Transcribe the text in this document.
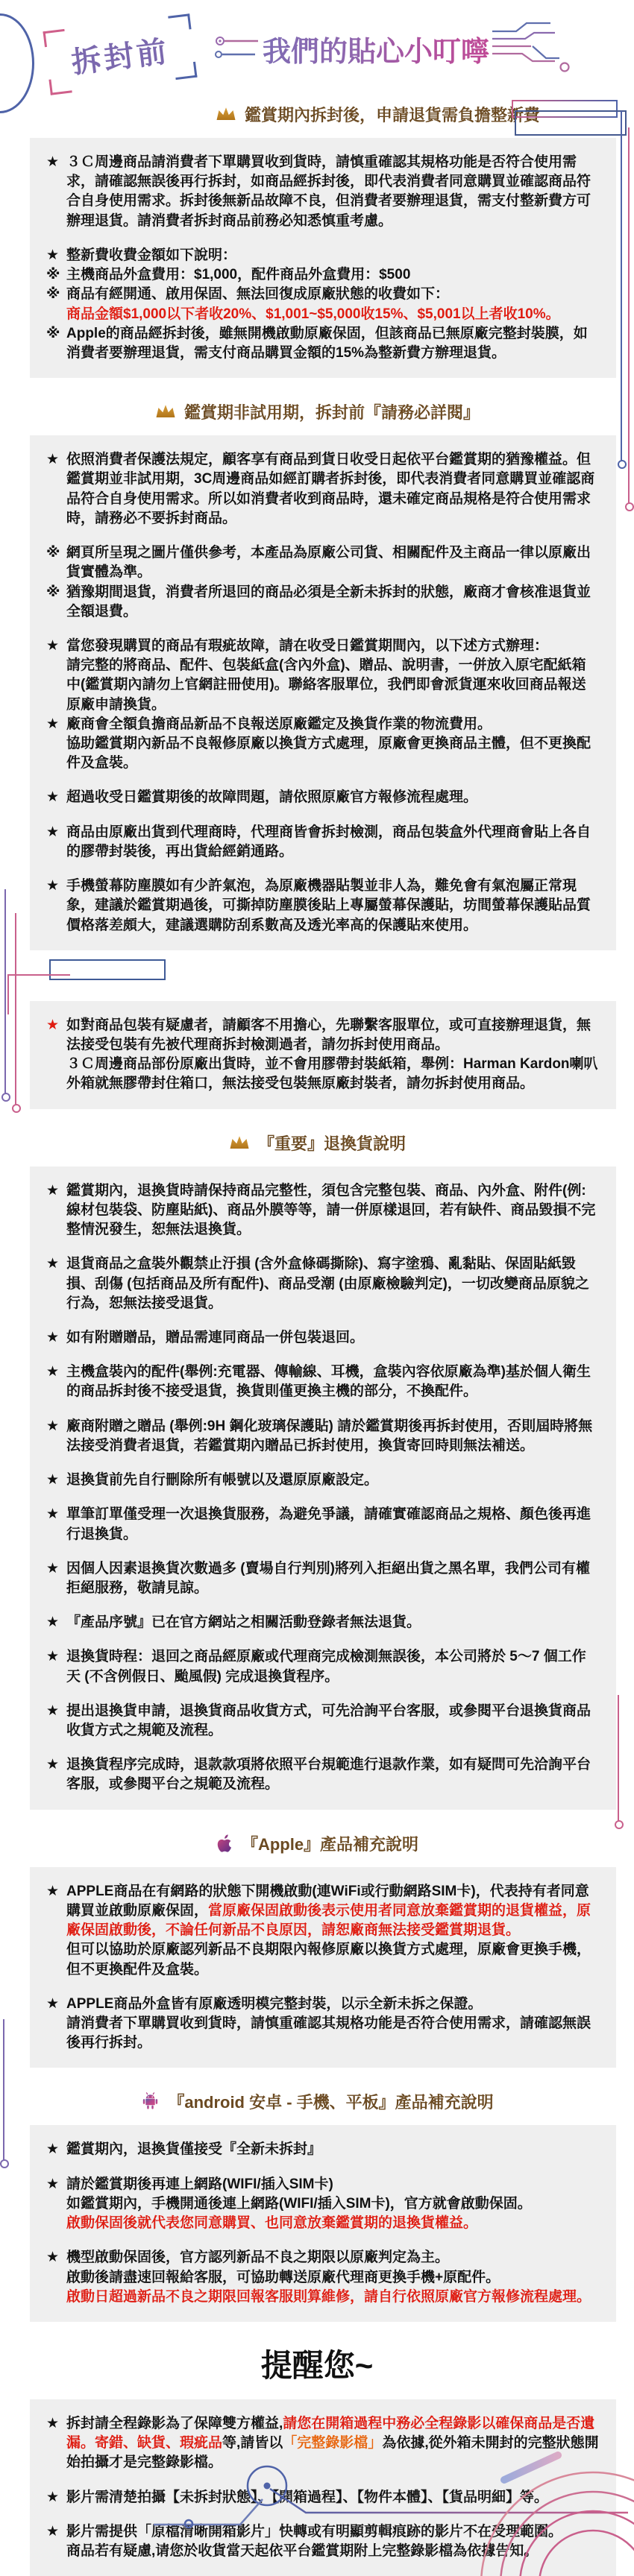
拆封前	我們的貼心小叮嚀
鑑賞期內拆封後，申請退貨需負擔整新費
★ ３Ｃ周邊商品請消費者下單購買收到貨時，請慎重確認其規格功能是否符合使用需求，請確認無誤後再行拆封，如商品經拆封後，即代表消費者同意購買並確認商品符合自身使用需求。拆封後無新品故障不良，但消費者要辦理退貨，需支付整新費方可辦理退貨。請消費者拆封商品前務必知悉慎重考慮。
★ 整新費收費金額如下說明：
※ 主機商品外盒費用：$1,000，配件商品外盒費用：$500
※ 商品有經開通、啟用保固、無法回復成原廠狀態的收費如下：
商品金額$1,000以下者收20%、$1,001~$5,000收15%、$5,001以上者收10%。
※ Apple的商品經拆封後，雖無開機啟動原廠保固，但該商品已無原廠完整封裝膜，如消費者要辦理退貨，需支付商品購買金額的15%為整新費方辦理退貨。
鑑賞期非試用期，拆封前『請務必詳閱』
★ 依照消費者保護法規定，顧客享有商品到貨日收受日起依平台鑑賞期的猶豫權益。但鑑賞期並非試用期，3C周邊商品如經訂購者拆封後，即代表消費者同意購買並確認商品符合自身使用需求。所以如消費者收到商品時，還未確定商品規格是符合使用需求時，請務必不要拆封商品。
※ 網頁所呈現之圖片僅供參考，本產品為原廠公司貨、相關配件及主商品一律以原廠出貨實體為準。
※ 猶豫期間退貨，消費者所退回的商品必須是全新未拆封的狀態，廠商才會核准退貨並全額退費。
★ 當您發現購買的商品有瑕疵故障，請在收受日鑑賞期間內，以下述方式辦理：
請完整的將商品、配件、包裝紙盒(含內外盒)、贈品、說明書，一併放入原宅配紙箱中(鑑賞期內請勿上官網註冊使用)。聯絡客服單位，我們即會派貨運來收回商品報送原廠申請換貨。
★ 廠商會全額負擔商品新品不良報送原廠鑑定及換貨作業的物流費用。
協助鑑賞期內新品不良報修原廠以換貨方式處理，原廠會更換商品主體，但不更換配件及盒裝。
★ 超過收受日鑑賞期後的故障問題，請依照原廠官方報修流程處理。
★ 商品由原廠出貨到代理商時，代理商皆會拆封檢測，商品包裝盒外代理商會貼上各自的膠帶封裝後，再出貨給經銷通路。
★ 手機螢幕防塵膜如有少許氣泡，為原廠機器貼製並非人為，難免會有氣泡屬正常現象，建議於鑑賞期過後，可撕掉防塵膜後貼上專屬螢幕保護貼，坊間螢幕保護貼品質價格落差頗大，建議選購防刮系數高及透光率高的保護貼來使用。
★ 如對商品包裝有疑慮者，請顧客不用擔心，先聯繫客服單位，或可直接辦理退貨，無法接受包裝有先被代理商拆封檢測過者，請勿拆封使用商品。
３Ｃ周邊商品部份原廠出貨時，並不會用膠帶封裝紙箱，舉例：Harman Kardon喇叭外箱就無膠帶封住箱口，無法接受包裝無原廠封裝者，請勿拆封使用商品。
『重要』退換貨說明
★ 鑑賞期內，退換貨時請保持商品完整性，須包含完整包裝、商品、內外盒、附件(例:線材包裝袋、防塵貼紙)、商品外膜等等，請一併原樣退回，若有缺件、商品毀損不完整情況發生，恕無法退換貨。
★ 退貨商品之盒裝外觀禁止汙損 (含外盒條碼撕除)、寫字塗鴉、亂黏貼、保固貼紙毀損、刮傷 (包括商品及所有配件)、商品受潮 (由原廠檢驗判定)，一切改變商品原貌之行為，恕無法接受退貨。
★ 如有附贈贈品，贈品需連同商品一併包裝退回。
★ 主機盒裝內的配件(舉例:充電器、傳輸線、耳機，盒裝內容依原廠為準)基於個人衛生的商品拆封後不接受退貨，換貨則僅更換主機的部分，不換配件。
★ 廠商附贈之贈品 (舉例:9H 鋼化玻璃保護貼) 請於鑑賞期後再拆封使用，否則屆時將無法接受消費者退貨，若鑑賞期內贈品已拆封使用，換貨寄回時則無法補送。
★ 退換貨前先自行刪除所有帳號以及還原原廠設定。
★ 單筆訂單僅受理一次退換貨服務，為避免爭議，請確實確認商品之規格、顏色後再進行退換貨。
★ 因個人因素退換貨次數過多 (賣場自行判別)將列入拒絕出貨之黑名單，我們公司有權拒絕服務，敬請見諒。
★ 『產品序號』已在官方網站之相關活動登錄者無法退貨。
★ 退換貨時程：退回之商品經原廠或代理商完成檢測無誤後，本公司將於 5～7 個工作天 (不含例假日、颱風假) 完成退換貨程序。
★ 提出退換貨申請，退換貨商品收貨方式，可先洽詢平台客服，或參閱平台退換貨商品收貨方式之規範及流程。
★ 退換貨程序完成時，退款款項將依照平台規範進行退款作業，如有疑問可先洽詢平台客服，或參閱平台之規範及流程。
『Apple』產品補充說明
★ APPLE商品在有網路的狀態下開機啟動(連WiFi或行動網路SIM卡)，代表持有者同意購買並啟動原廠保固，當原廠保固啟動後表示使用者同意放棄鑑賞期的退貨權益，原廠保固啟動後，不論任何新品不良原因，請恕廠商無法接受鑑賞期退貨。
但可以協助於原廠認列新品不良期限內報修原廠以換貨方式處理，原廠會更換手機，但不更換配件及盒裝。
★ APPLE商品外盒皆有原廠透明模完整封裝，以示全新未拆之保證。
請消費者下單購買收到貨時，請慎重確認其規格功能是否符合使用需求，請確認無誤後再行拆封。
『android 安卓 - 手機、平板』產品補充說明
★ 鑑賞期內，退換貨僅接受『全新未拆封』
★ 請於鑑賞期後再連上網路(WIFI/插入SIM卡)
如鑑賞期內，手機開通後連上網路(WIFI/插入SIM卡)，官方就會啟動保固。
啟動保固後就代表您同意購買、也同意放棄鑑賞期的退換貨權益。
★ 機型啟動保固後，官方認列新品不良之期限以原廠判定為主。
啟動後請盡速回報給客服，可協助轉送原廠代理商更換手機+原配件。
啟動日超過新品不良之期限回報客服則算維修，請自行依照原廠官方報修流程處理。
提醒您~
★ 拆封請全程錄影為了保障雙方權益,請您在開箱過程中務必全程錄影以確保商品是否遺漏。寄錯、缺貨、瑕疵品等,請皆以「完整錄影檔」為依據,從外箱未開封的完整狀態開始拍攝才是完整錄影檔。
★ 影片需清楚拍攝【未拆封狀態】、【開箱過程】、【物件本體】、【貨品明細】等。
★ 影片需提供「原檔清晰開箱影片」快轉或有明顯剪輯痕跡的影片不在受理範圍。
商品若有疑慮,请您於收貨當天起依平台鑑賞期附上完整錄影檔為依據告知。
